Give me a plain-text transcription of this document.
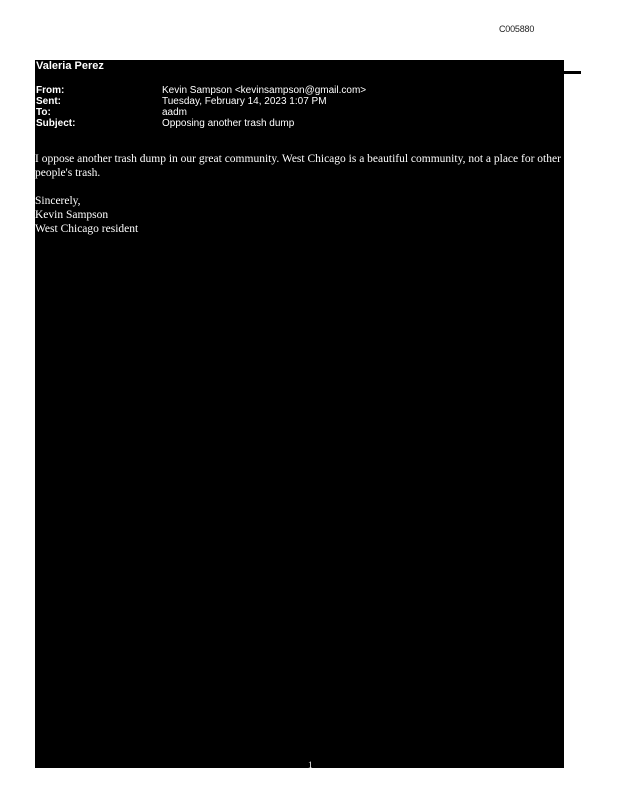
C005880
Valeria Perez
From:	Kevin Sampson <kevinsampson@gmail.com>
Sent:	Tuesday, February 14, 2023 1:07 PM
To:	aadm
Subject:	Opposing another trash dump

I oppose another trash dump in our great community. West Chicago is a beautiful community, not a place for other people's trash.

Sincerely,

Kevin Sampson

West Chicago resident

1
